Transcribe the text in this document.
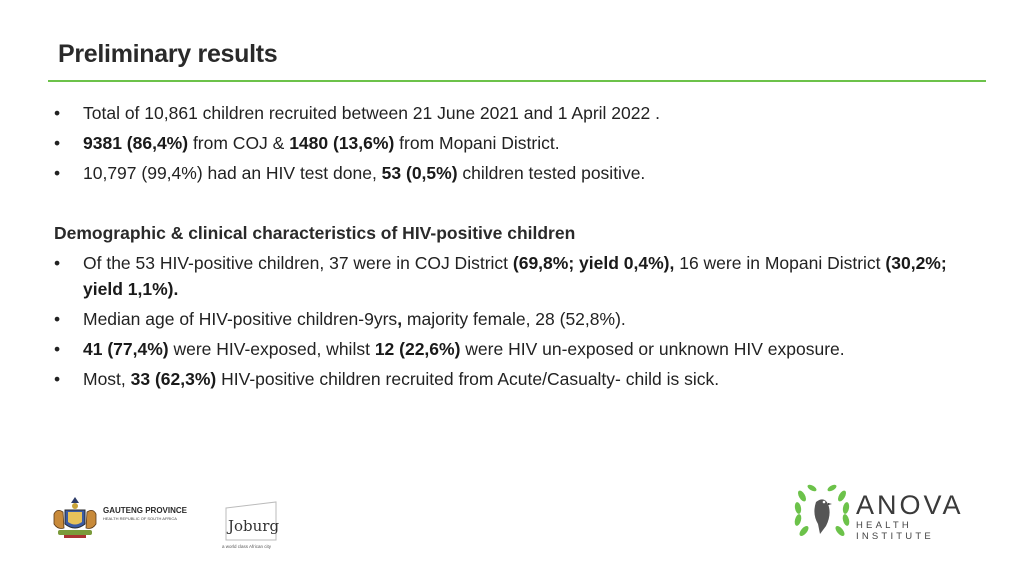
Preliminary results
•	Total of 10,861 children recruited between 21 June 2021 and 1 April 2022 .
•	9381 (86,4%) from COJ & 1480 (13,6%) from Mopani District.
•	10,797 (99,4%) had an HIV test done, 53 (0,5%) children tested positive.
Demographic & clinical characteristics of HIV-positive children
•	Of the 53 HIV-positive children, 37 were in COJ District (69,8%; yield 0,4%), 16 were in Mopani District (30,2%; yield 1,1%).
•	Median age of HIV-positive children-9yrs, majority female, 28 (52,8%).
•	41 (77,4%) were HIV-exposed, whilst 12 (22,6%) were HIV un-exposed or unknown HIV exposure.
•	Most, 33 (62,3%) HIV-positive children recruited from Acute/Casualty- child is sick.
GAUTENG PROVINCE
HEALTH REPUBLIC OF SOUTH AFRICA	Joburg
a world class African city
ANOVA
HEALTH INSTITUTE
